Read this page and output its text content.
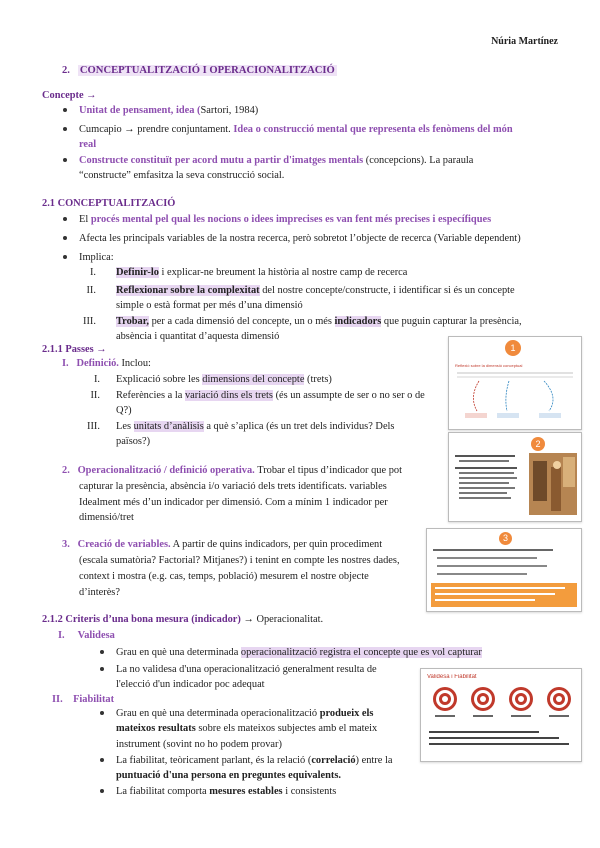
Núria Martínez
2. CONCEPTUALITZACIÓ I OPERACIONALITZACIÓ
Concepte →
Unitat de pensament, idea (Sartori, 1984)
Cumcapio → prendre conjuntament. Idea o construcció mental que representa els fenòmens del món
real
Constructe constituït per acord mutu a partir d'imatges mentals (concepcions). La paraula
“constructe” emfasitza la seva construcció social.
2.1 CONCEPTUALITZACIÓ
El procés mental pel qual les nocions o idees imprecises es van fent més precises i específiques
Afecta les principals variables de la nostra recerca, però sobretot l’objecte de recerca (Variable dependent)
Implica:
I. Definir-lo i explicar-ne breument la història al nostre camp de recerca
II. Reflexionar sobre la complexitat del nostre concepte/constructe, i identificar si és un concepte
simple o està format per més d’una dimensió
III. Trobar, per a cada dimensió del concepte, un o més indicadors que puguin capturar la presència,
absència i quantitat d’aquesta dimensió
2.1.1 Passes →
I. Definició. Inclou:
I. Explicació sobre les dimensions del concepte (trets)
II. Referències a la variació dins els trets (és un assumpte de ser o no ser o de
Q?)
III. Les unitats d’anàlisis a què s’aplica (és un tret dels individus? Dels
països?)
2. Operacionalització / definició operativa. Trobar el tipus d’indicador que pot
capturar la presència, absència i/o variació dels trets identificats. variables
Idealment més d’un indicador per dimensió. Com a mínim 1 indicador per
dimensió/tret
3. Creació de variables. A partir de quins indicadors, per quin procediment
(escala sumatòria? Factorial? Mitjanes?) i tenint en compte les nostres dades,
context i mostra (e.g. cas, temps, població) mesurem el nostre objecte
d’interès?
2.1.2 Criteris d’una bona mesura (indicador) → Operacionalitat.
I. Validesa
Grau en què una determinada operacionalització registra el concepte que es vol capturar
La no validesa d'una operacionalització generalment resulta de
l'elecció d'un indicador poc adequat
II. Fiabilitat
Grau en què una determinada operacionalització produeix els
mateixos resultats sobre els mateixos subjectes amb el mateix
instrument (sovint no ho podem provar)
La fiabilitat, teòricament parlant, és la relació (correlació) entre la
puntuació d'una persona en preguntes equivalents.
La fiabilitat comporta mesures estables i consistents
1
Reflexió sobre la dimensió conceptual
2
3
Validesa i Fiabilitat
